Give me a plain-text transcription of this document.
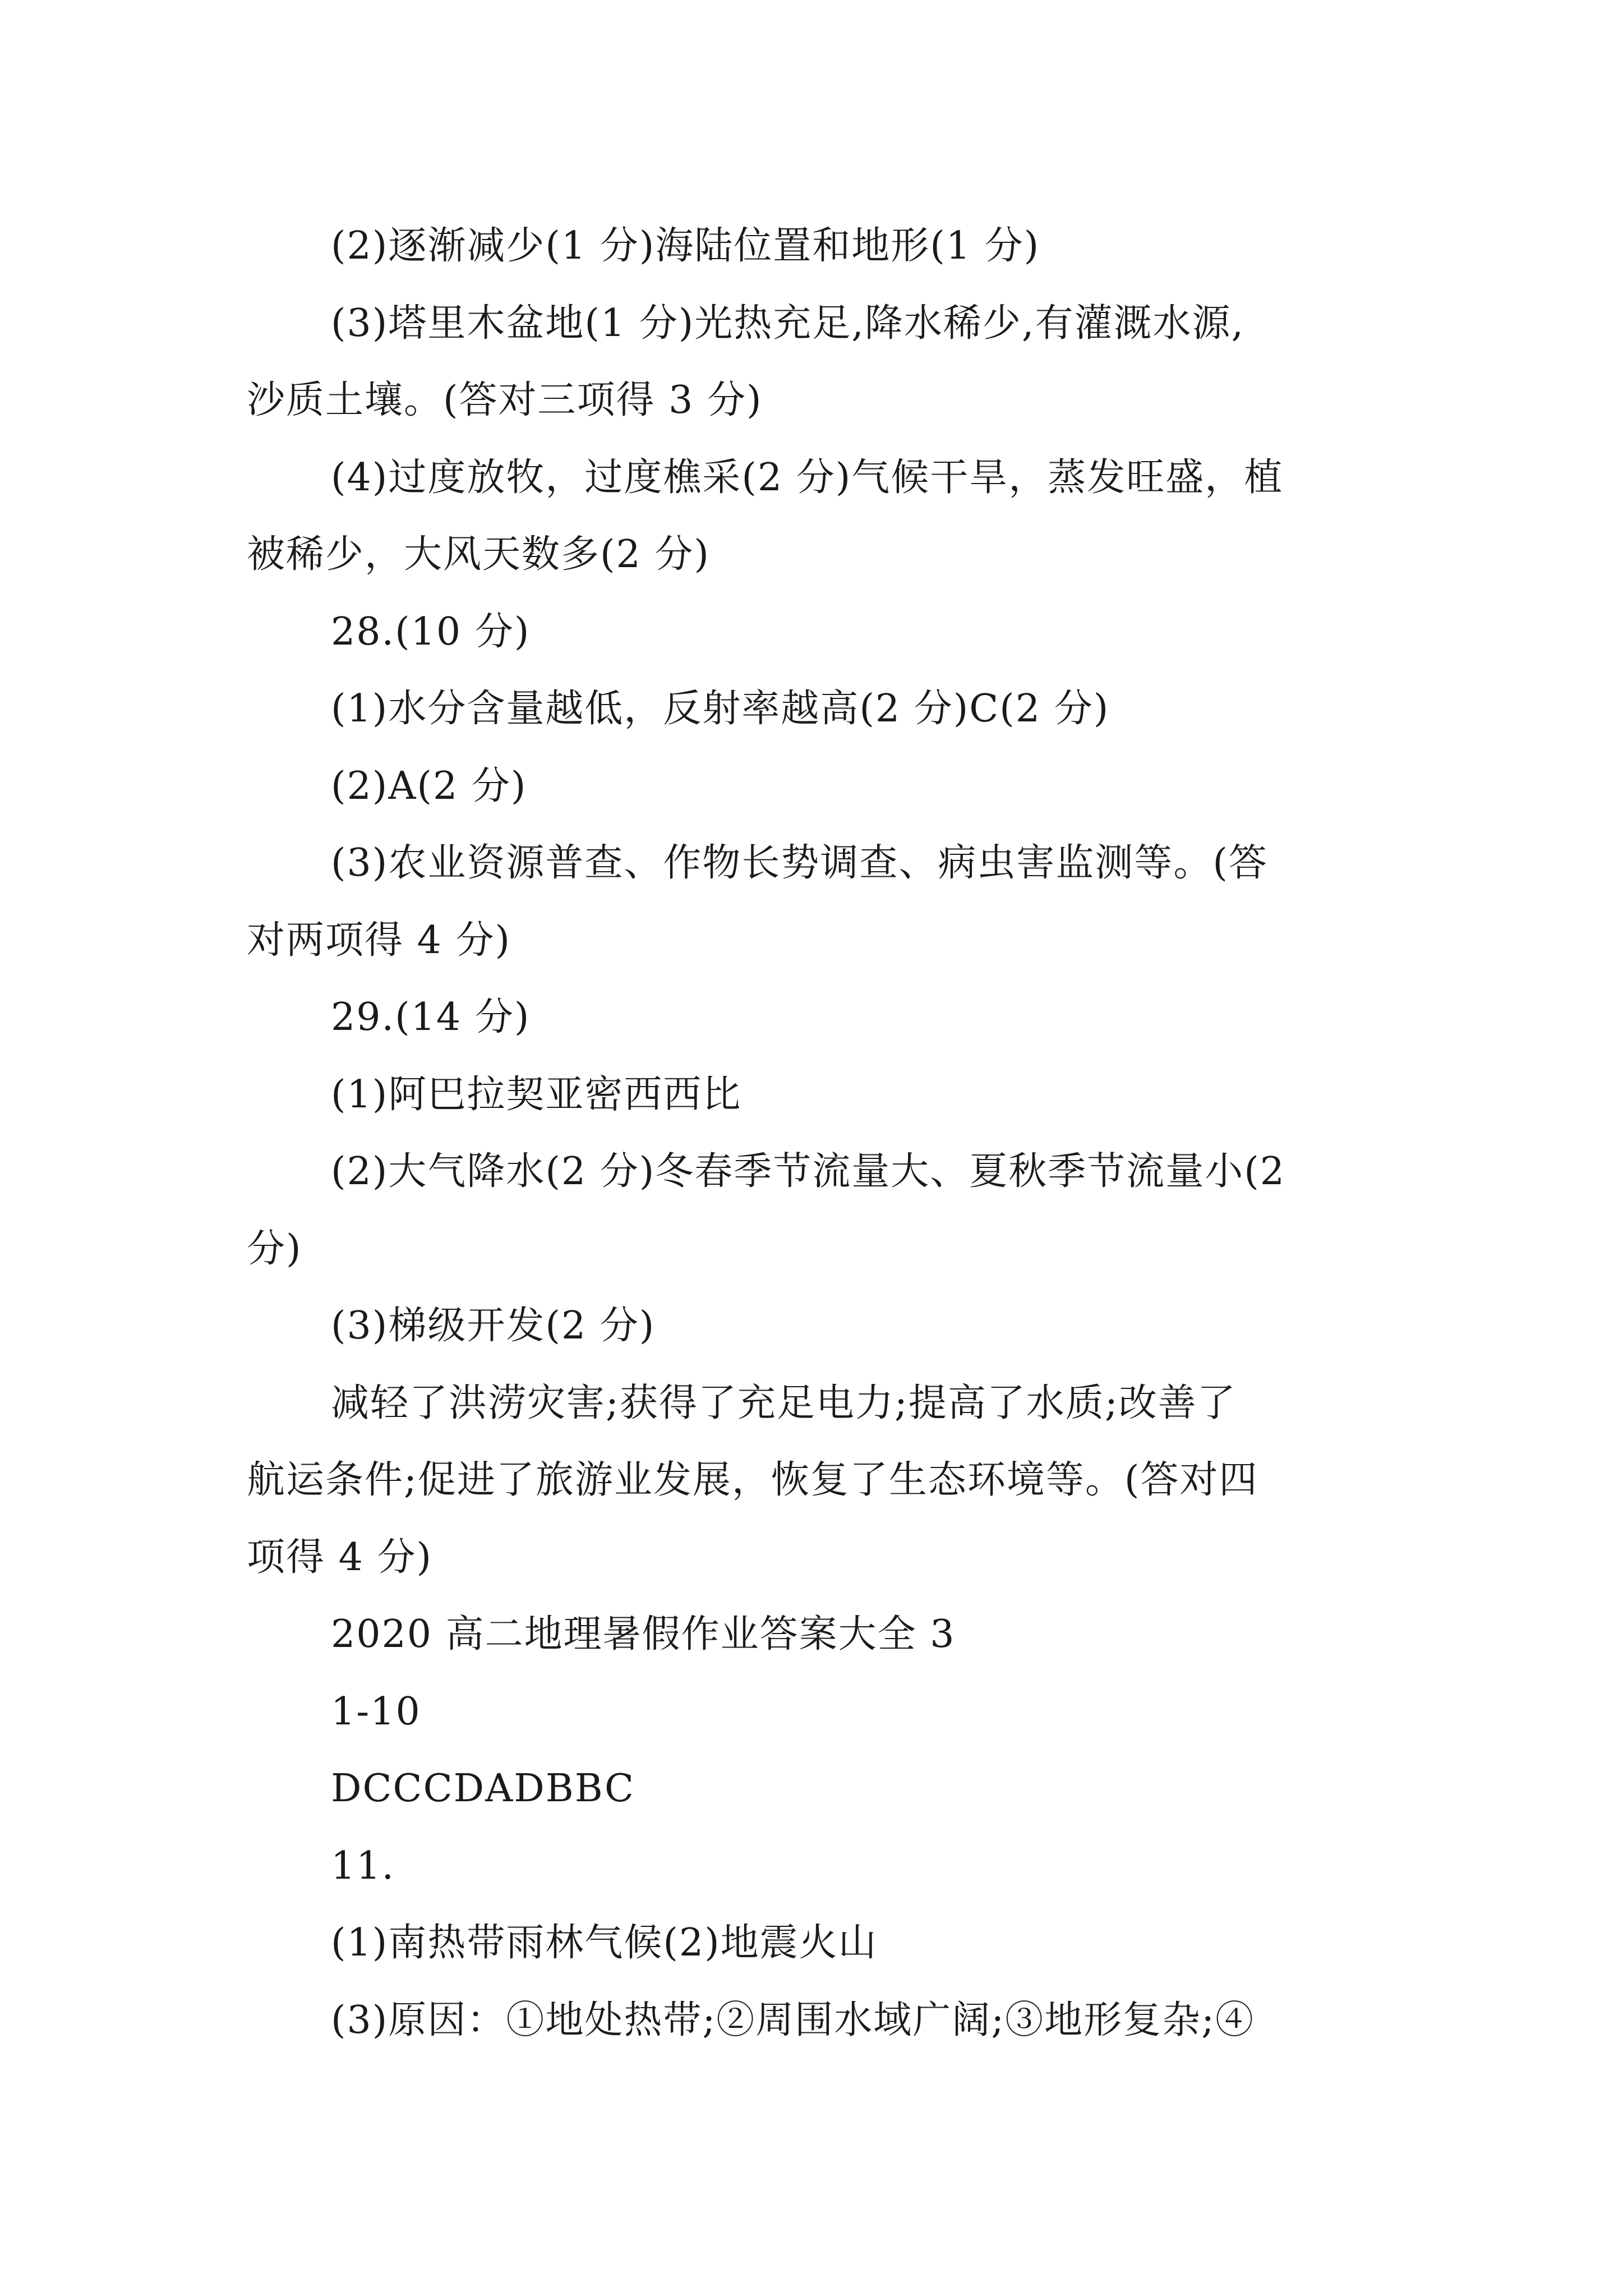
(2)逐渐减少(1 分)海陆位置和地形(1 分)
(3)塔里木盆地(1 分)光热充足,降水稀少,有灌溉水源,
沙质土壤。(答对三项得 3 分)
(4)过度放牧，过度樵采(2 分)气候干旱，蒸发旺盛，植
被稀少，大风天数多(2 分)
28.(10 分)
(1)水分含量越低，反射率越高(2 分)C(2 分)
(2)A(2 分)
(3)农业资源普查、作物长势调查、病虫害监测等。(答
对两项得 4 分)
29.(14 分)
(1)阿巴拉契亚密西西比
(2)大气降水(2 分)冬春季节流量大、夏秋季节流量小(2
分)
(3)梯级开发(2 分)
减轻了洪涝灾害;获得了充足电力;提高了水质;改善了
航运条件;促进了旅游业发展，恢复了生态环境等。(答对四
项得 4 分)
2020 高二地理暑假作业答案大全 3
1-10
DCCCDADBBC
11.
(1)南热带雨林气候(2)地震火山
(3)原因：①地处热带;②周围水域广阔;③地形复杂;④
